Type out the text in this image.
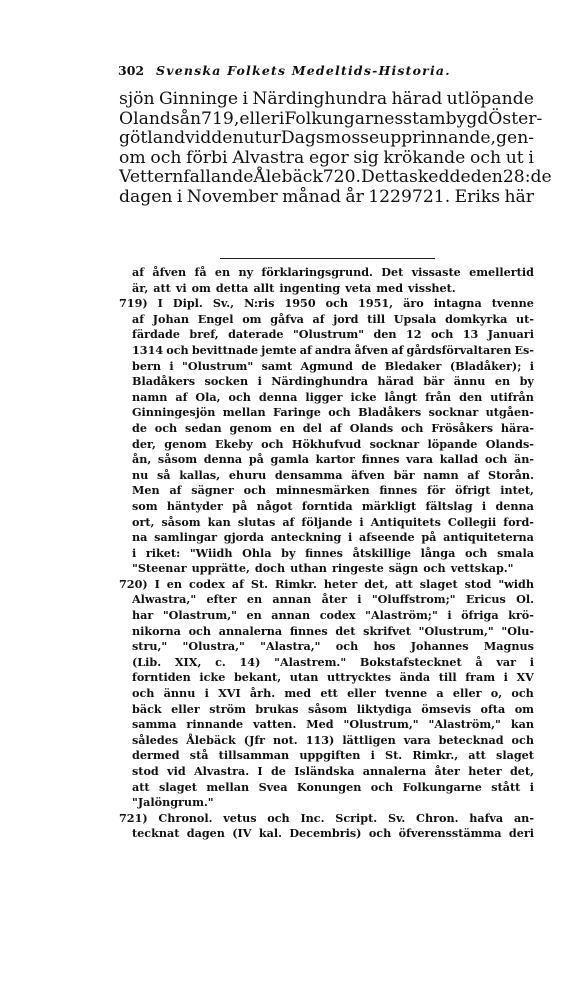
302 Svenska Folkets Medeltids-Historia.
sjön Ginninge i Närdinghundra härad utlöpande
Olandsån719, eller i Folkungarnes stambygd Öster-
götland vid den ut ur Dagsmosse upprinnande, gen-
om och förbi Alvastra egor sig krökande och ut i
Vettern fallande Ålebäck720. Detta skedde den 28:de
dagen i November månad år 1229721. Eriks här
af åfven få en ny förklaringsgrund. Det vissaste emellertid
är, att vi om detta allt ingenting veta med visshet.
719) I Dipl. Sv., N:ris 1950 och 1951, äro intagna tvenne
af Johan Engel om gåfva af jord till Upsala domkyrka ut-
färdade bref, daterade "Olustrum" den 12 och 13 Januari
1314 och bevittnade jemte af andra åfven af gårdsförvaltaren Es-
bern i "Olustrum" samt Agmund de Bledaker (Bladåker); i
Bladåkers socken i Närdinghundra härad bär ännu en by
namn af Ola, och denna ligger icke långt från den utifrån
Ginningesjön mellan Faringe och Bladåkers socknar utgåen-
de och sedan genom en del af Olands och Frösåkers hära-
der, genom Ekeby och Hökhufvud socknar löpande Olands-
ån, såsom denna på gamla kartor finnes vara kallad och än-
nu så kallas, ehuru densamma äfven bär namn af Storån.
Men af sägner och minnesmärken finnes för öfrigt intet,
som häntyder på något forntida märkligt fältslag i denna
ort, såsom kan slutas af följande i Antiquitets Collegii ford-
na samlingar gjorda anteckning i afseende på antiquiteterna
i riket: "Wiidh Ohla by finnes åtskillige långa och smala
"Steenar upprätte, doch uthan ringeste sägn och vettskap."
720) I en codex af St. Rimkr. heter det, att slaget stod "widh
Alwastra," efter en annan åter i "Oluffstrom;" Ericus Ol.
har "Olastrum," en annan codex "Alaström;" i öfriga krö-
nikorna och annalerna finnes det skrifvet "Olustrum," "Olu-
stru," "Olustra," "Alastra," och hos Johannes Magnus
(Lib. XIX, c. 14) "Alastrem." Bokstafstecknet å var i
forntiden icke bekant, utan uttrycktes ända till fram i XV
och ännu i XVI årh. med ett eller tvenne a eller o, och
bäck eller ström brukas såsom liktydiga ömsevis ofta om
samma rinnande vatten. Med "Olustrum," "Alaström," kan
således Ålebäck (Jfr not. 113) lättligen vara betecknad och
dermed stå tillsamman uppgiften i St. Rimkr., att slaget
stod vid Alvastra. I de Isländska annalerna åter heter det,
att slaget mellan Svea Konungen och Folkungarne stått i
"Jalöngrum."
721) Chronol. vetus och Inc. Script. Sv. Chron. hafva an-
tecknat dagen (IV kal. Decembris) och öfverensstämma deri
